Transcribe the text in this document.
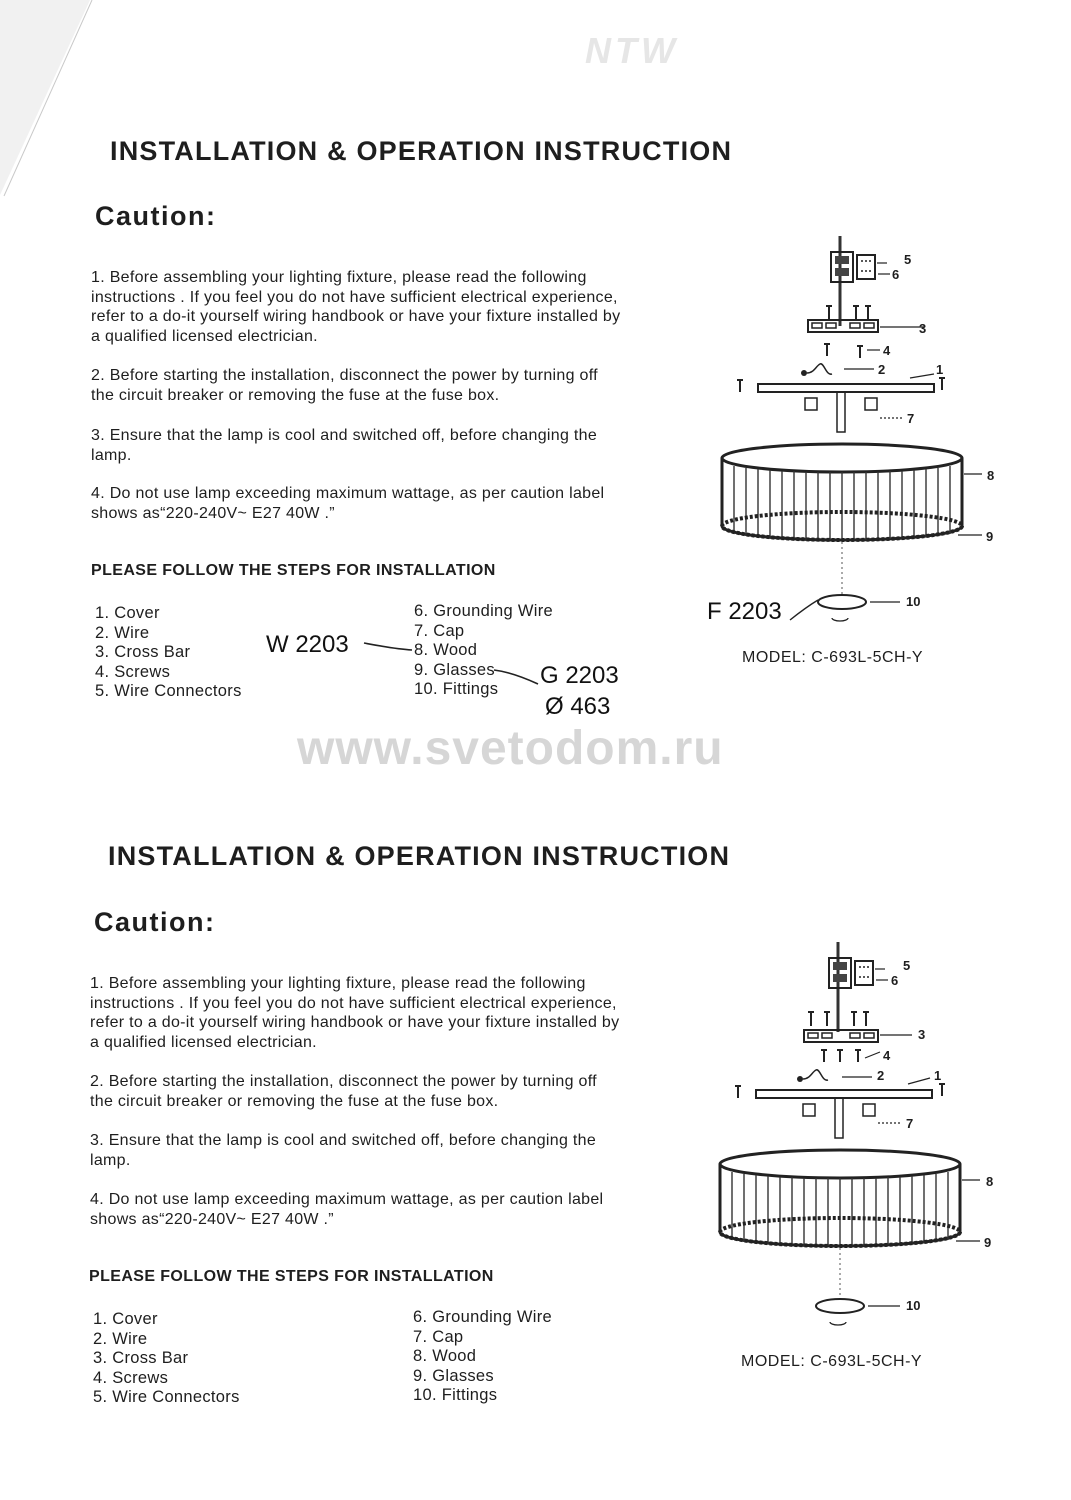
NTW
INSTALLATION & OPERATION INSTRUCTION
Caution:

1. Before assembling your lighting fixture, please read the following

instructions . If you feel you do not have sufficient electrical experience,

refer to a do-it yourself wiring handbook or have your fixture installed by

a qualified licensed electrician.

2. Before starting the installation, disconnect the power by turning off

the circuit breaker or removing the fuse at the fuse box.

3. Ensure that the lamp is cool and switched off, before changing the

lamp.

4. Do not use lamp exceeding maximum wattage, as per caution label

shows as“220-240V~ E27 40W .”

PLEASE FOLLOW THE STEPS FOR INSTALLATION
1. Cover
2. Wire
3. Cross Bar
4. Screws
5. Wire Connectors
6. Grounding Wire
7. Cap
8. Wood
9. Glasses
10. Fittings
W 2203
G 2203
Ø 463
F 2203
MODEL: C-693L-5CH-Y
5
6
3
4
2	1
7
8
9
10
www.svetodom.ru
INSTALLATION & OPERATION INSTRUCTION
Caution:

1. Before assembling your lighting fixture, please read the following

instructions . If you feel you do not have sufficient electrical experience,

refer to a do-it yourself wiring handbook or have your fixture installed by

a qualified licensed electrician.

2. Before starting the installation, disconnect the power by turning off

the circuit breaker or removing the fuse at the fuse box.

3. Ensure that the lamp is cool and switched off, before changing the

lamp.

4. Do not use lamp exceeding maximum wattage, as per caution label

shows as“220-240V~ E27 40W .”

PLEASE FOLLOW THE STEPS FOR INSTALLATION
1. Cover
2. Wire
3. Cross Bar
4. Screws
5. Wire Connectors
6. Grounding Wire
7. Cap
8. Wood
9. Glasses
10. Fittings
MODEL: C-693L-5CH-Y
5
6
3
4
2	1
7
8
9
10
